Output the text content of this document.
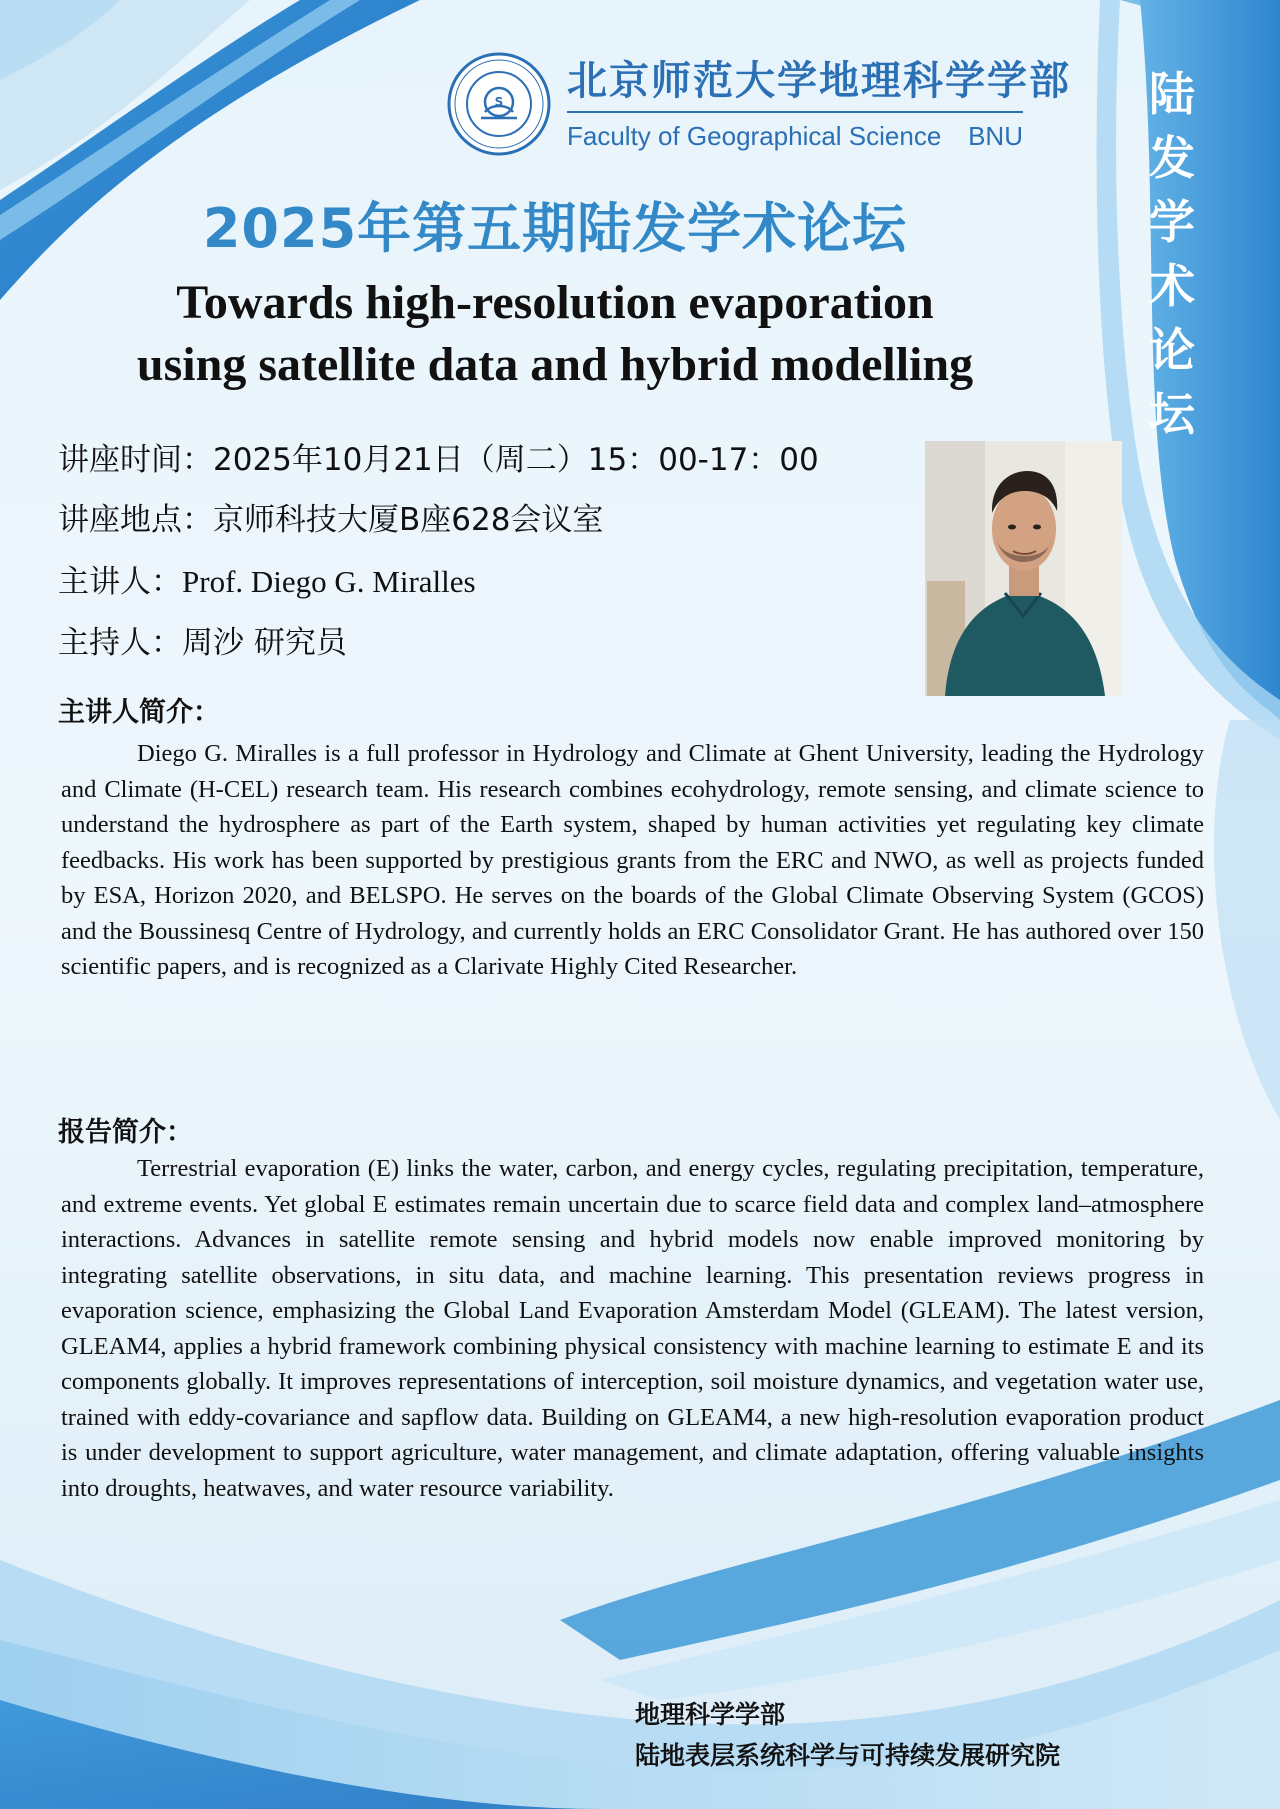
S 北京师范大学地理科学学部
Faculty of Geographical Science BNU
陆
发
学
术
论
坛
2025年第五期陆发学术论坛
Towards high-resolution evaporation
using satellite data and hybrid modelling
讲座时间：2025年10月21日（周二）15：00-17：00
讲座地点：京师科技大厦B座628会议室
主讲人：Prof. Diego G. Miralles
主持人：周沙 研究员
主讲人简介：

Diego G. Miralles is a full professor in Hydrology and Climate at Ghent University, leading the Hydrology and Climate (H-CEL) research team. His research combines ecohydrology, remote sensing, and climate science to understand the hydrosphere as part of the Earth system, shaped by human activities yet regulating key climate feedbacks. His work has been supported by prestigious grants from the ERC and NWO, as well as projects funded by ESA, Horizon 2020, and BELSPO. He serves on the boards of the Global Climate Observing System (GCOS) and the Boussinesq Centre of Hydrology, and currently holds an ERC Consolidator Grant. He has authored over 150 scientific papers, and is recognized as a Clarivate Highly Cited Researcher.

报告简介：

Terrestrial evaporation (E) links the water, carbon, and energy cycles, regulating precipitation, temperature, and extreme events. Yet global E estimates remain uncertain due to scarce field data and complex land–atmosphere interactions. Advances in satellite remote sensing and hybrid models now enable improved monitoring by integrating satellite observations, in situ data, and machine learning. This presentation reviews progress in evaporation science, emphasizing the Global Land Evaporation Amsterdam Model (GLEAM). The latest version, GLEAM4, applies a hybrid framework combining physical consistency with machine learning to estimate E and its components globally. It improves representations of interception, soil moisture dynamics, and vegetation water use, trained with eddy-covariance and sapflow data. Building on GLEAM4, a new high-resolution evaporation product is under development to support agriculture, water management, and climate adaptation, offering valuable insights into droughts, heatwaves, and water resource variability.

地理科学学部
陆地表层系统科学与可持续发展研究院
